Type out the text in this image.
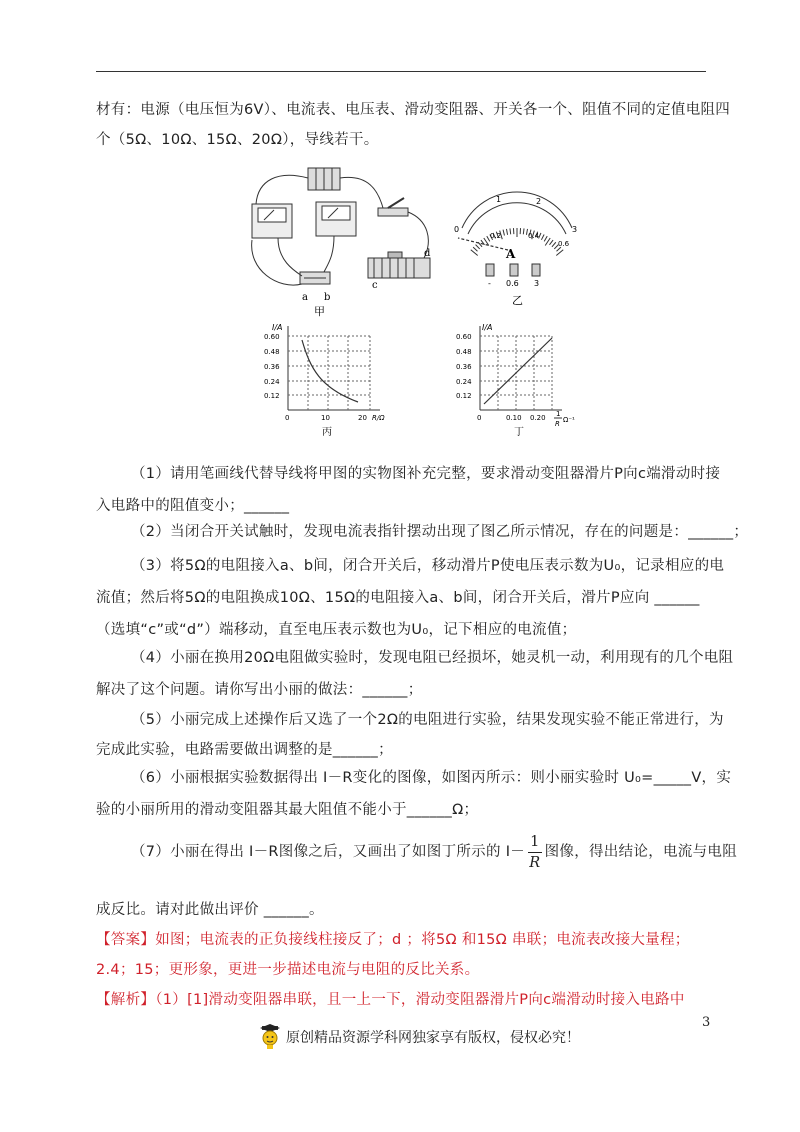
材有：电源（电压恒为6V）、电流表、电压表、滑动变阻器、开关各一个、阻值不同的定值电阻四
个（5Ω、10Ω、15Ω、20Ω），导线若干。
a b
c
d
甲
0
1	2
3
0.2	0.4
0.6
A
- 0.6 3
乙
I/A
0.60
0.48
0.36
0.24
0.12
0	10	20 R/Ω
丙
I/A
0.60
0.48
0.36
0.24
0.12
0	0.10 0.20 1
R Ω⁻¹
丁
（1）请用笔画线代替导线将甲图的实物图补充完整，要求滑动变阻器滑片P向c端滑动时接
入电路中的阻值变小；______
（2）当闭合开关试触时，发现电流表指针摆动出现了图乙所示情况，存在的问题是：______；
（3）将5Ω的电阻接入a、b间，闭合开关后，移动滑片P使电压表示数为U₀，记录相应的电
流值；然后将5Ω的电阻换成10Ω、15Ω的电阻接入a、b间，闭合开关后，滑片P应向 ______
（选填“c”或“d”）端移动，直至电压表示数也为U₀，记下相应的电流值；
（4）小丽在换用20Ω电阻做实验时，发现电阻已经损坏，她灵机一动，利用现有的几个电阻
解决了这个问题。请你写出小丽的做法：______；
（5）小丽完成上述操作后又选了一个2Ω的电阻进行实验，结果发现实验不能正常进行，为
完成此实验，电路需要做出调整的是______；
（6）小丽根据实验数据得出 I－R变化的图像，如图丙所示：则小丽实验时 U₀=_____V，实
验的小丽所用的滑动变阻器其最大阻值不能小于______Ω；
（7）小丽在得出 I－R图像之后，又画出了如图丁所示的 $I- \frac{1}{R}$ 图像，得出结论，电流与电阻
成反比。请对此做出评价 ______。
【答案】如图；电流表的正负接线柱接反了；d ；将5Ω 和15Ω 串联；电流表改接大量程；
2.4；15；更形象，更进一步描述电流与电阻的反比关系。
【解析】（1）[1]滑动变阻器串联，且一上一下，滑动变阻器滑片P向c端滑动时接入电路中
3
原创精品资源学科网独家享有版权，侵权必究！
